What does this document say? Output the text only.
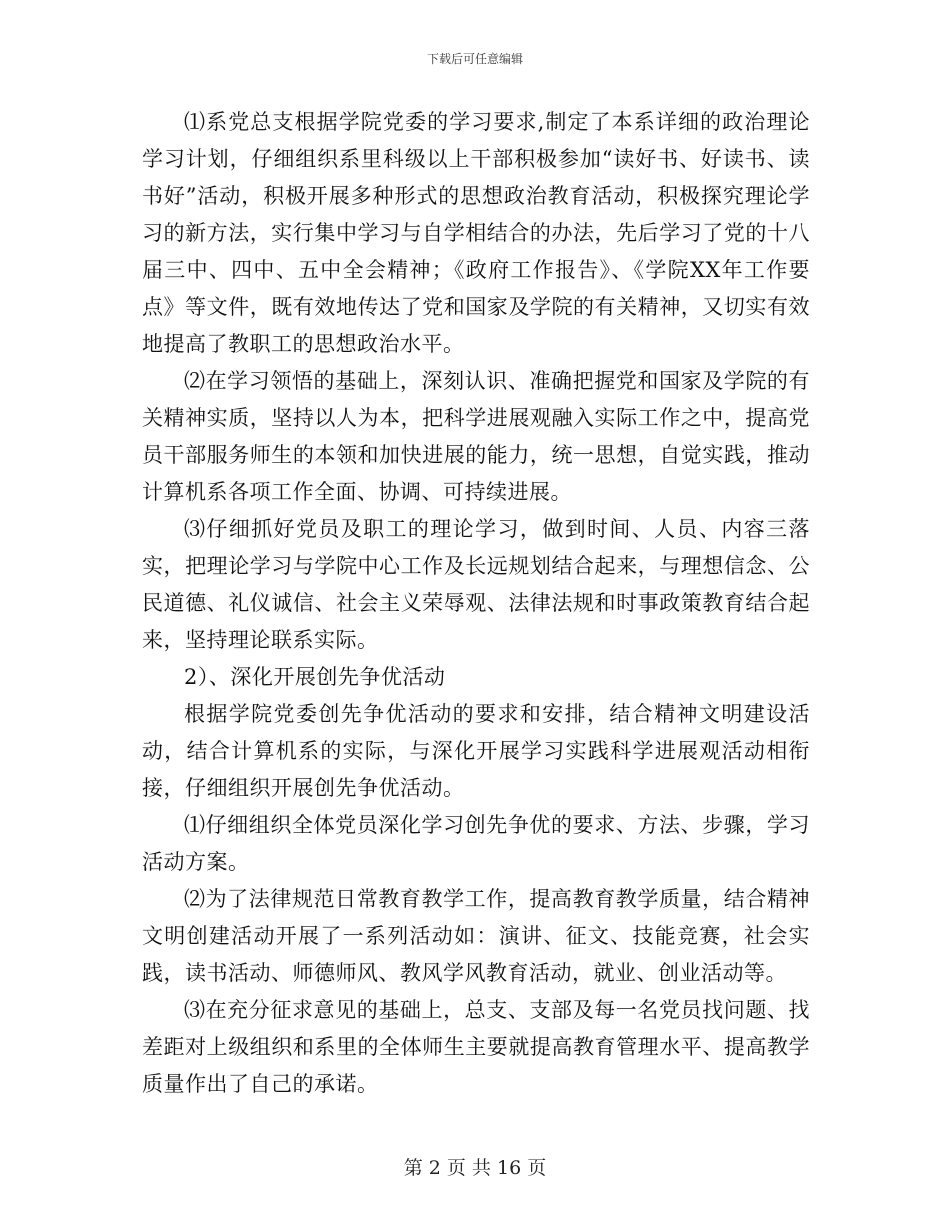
下载后可任意编辑

⑴系党总支根据学院党委的学习要求,制定了本系详细的政治理论学习计划，仔细组织系里科级以上干部积极参加“读好书、好读书、读书好”活动，积极开展多种形式的思想政治教育活动，积极探究理论学习的新方法，实行集中学习与自学相结合的办法，先后学习了党的十八届三中、四中、五中全会精神；《政府工作报告》、《学院XX年工作要点》等文件，既有效地传达了党和国家及学院的有关精神，又切实有效地提高了教职工的思想政治水平。

⑵在学习领悟的基础上，深刻认识、准确把握党和国家及学院的有关精神实质，坚持以人为本，把科学进展观融入实际工作之中，提高党员干部服务师生的本领和加快进展的能力，统一思想，自觉实践，推动计算机系各项工作全面、协调、可持续进展。

⑶仔细抓好党员及职工的理论学习，做到时间、人员、内容三落实，把理论学习与学院中心工作及长远规划结合起来，与理想信念、公民道德、礼仪诚信、社会主义荣辱观、法律法规和时事政策教育结合起来，坚持理论联系实际。

2）、深化开展创先争优活动

根据学院党委创先争优活动的要求和安排，结合精神文明建设活动，结合计算机系的实际，与深化开展学习实践科学进展观活动相衔接，仔细组织开展创先争优活动。

⑴仔细组织全体党员深化学习创先争优的要求、方法、步骤，学习活动方案。

⑵为了法律规范日常教育教学工作，提高教育教学质量，结合精神文明创建活动开展了一系列活动如：演讲、征文、技能竞赛，社会实践，读书活动、师德师风、教风学风教育活动，就业、创业活动等。

⑶在充分征求意见的基础上，总支、支部及每一名党员找问题、找差距对上级组织和系里的全体师生主要就提高教育管理水平、提高教学质量作出了自己的承诺。

第 2 页 共 16 页
